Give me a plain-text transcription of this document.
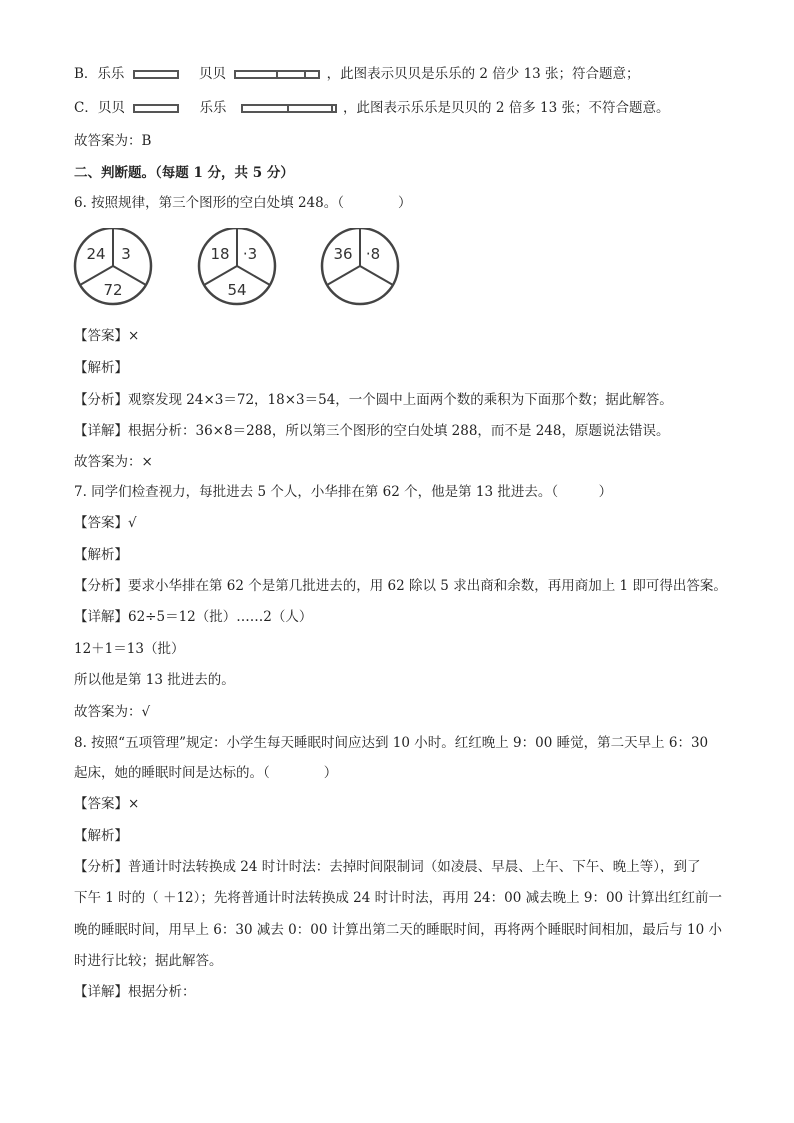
B．乐乐	贝贝	，此图表示贝贝是乐乐的 2 倍少 13 张；符合题意；
C．贝贝	乐乐	，此图表示乐乐是贝贝的 2 倍多 13 张；不符合题意。
故答案为：B
二、判断题。（每题 1 分，共 5 分）
6. 按照规律，第三个图形的空白处填 248。（　　　　）
24 3
72
18 ·3
54
36 ·8
【答案】×
【解析】
【分析】观察发现 24×3＝72，18×3＝54，一个圆中上面两个数的乘积为下面那个数；据此解答。
【详解】根据分析：36×8＝288，所以第三个图形的空白处填 288，而不是 248，原题说法错误。
故答案为：×
7. 同学们检查视力，每批进去 5 个人，小华排在第 62 个，他是第 13 批进去。（　　　）
【答案】√
【解析】
【分析】要求小华排在第 62 个是第几批进去的，用 62 除以 5 求出商和余数，再用商加上 1 即可得出答案。
【详解】62÷5＝12（批）……2（人）
12＋1＝13（批）
所以他是第 13 批进去的。
故答案为：√
8. 按照“五项管理”规定：小学生每天睡眠时间应达到 10 小时。红红晚上 9：00 睡觉，第二天早上 6：30
起床，她的睡眠时间是达标的。（　　　　）
【答案】×
【解析】
【分析】普通计时法转换成 24 时计时法：去掉时间限制词（如凌晨、早晨、上午、下午、晚上等），到了
下午 1 时的（ ＋12）；先将普通计时法转换成 24 时计时法，再用 24：00 减去晚上 9：00 计算出红红前一
晚的睡眠时间，用早上 6：30 减去 0：00 计算出第二天的睡眠时间，再将两个睡眠时间相加，最后与 10 小
时进行比较；据此解答。
【详解】根据分析：
